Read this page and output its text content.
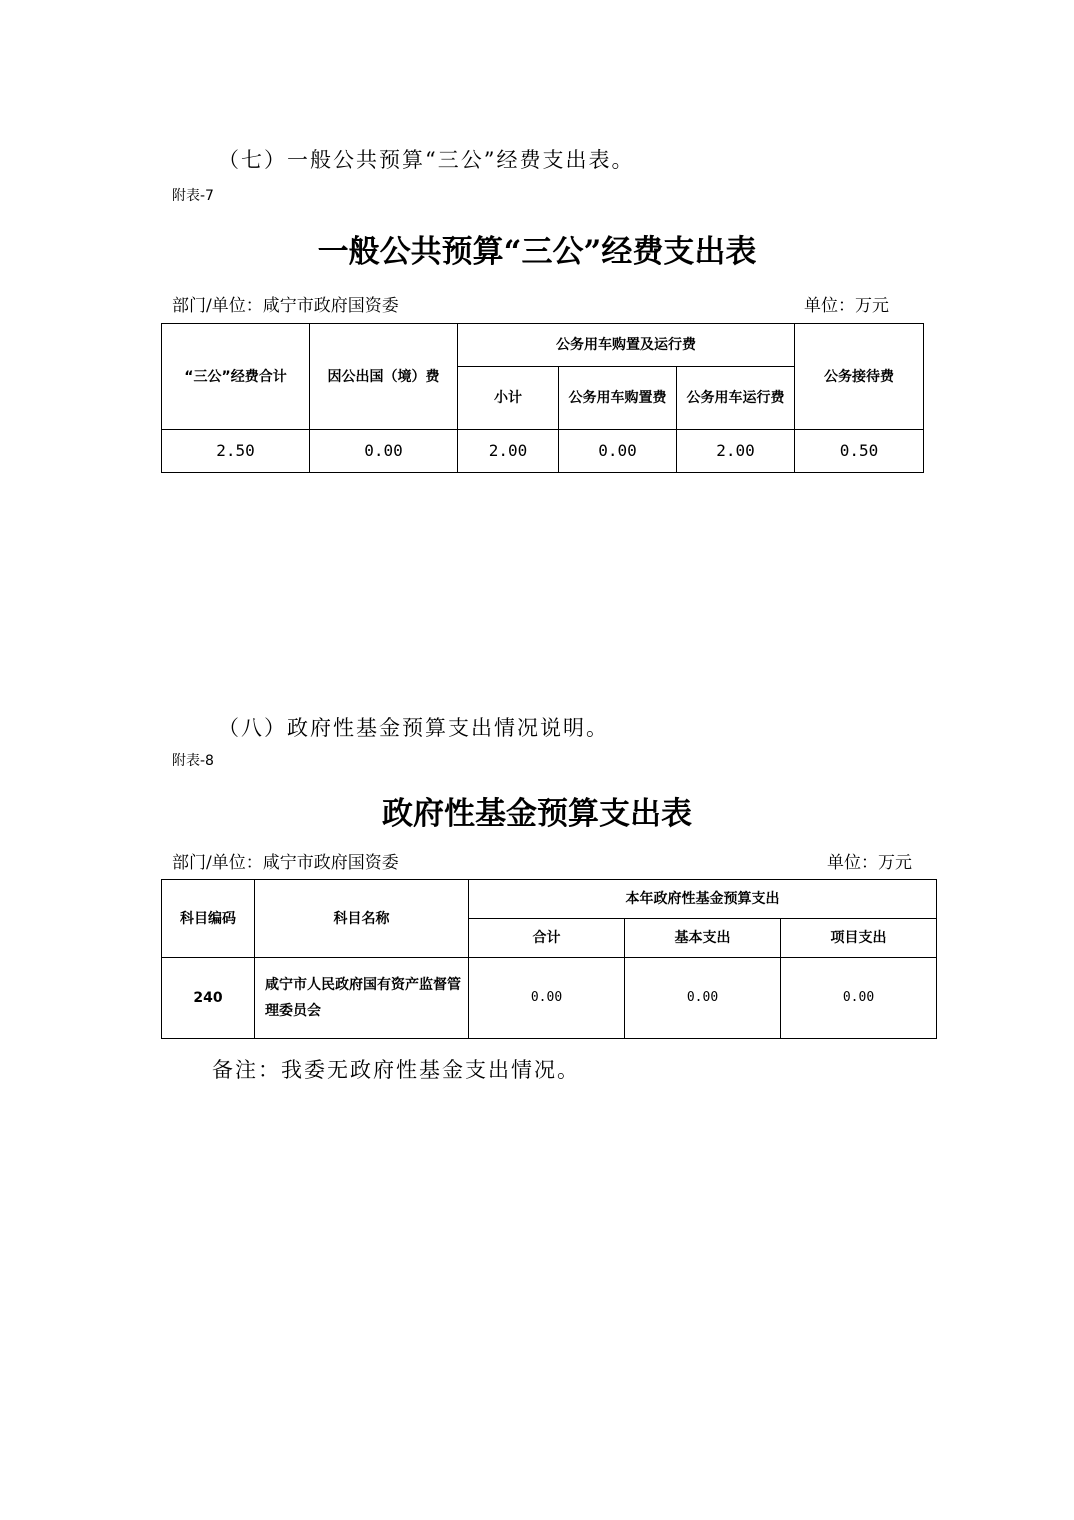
（七）一般公共预算“三公”经费支出表。
附表-7
一般公共预算“三公”经费支出表
部门/单位：咸宁市政府国资委	单位：万元
“三公”经费合计	因公出国（境）费	公务用车购置及运行费			公务接待费
		小计	公务用车购置费	公务用车运行费	
2.50	0.00	2.00	0.00	2.00	0.50
（八）政府性基金预算支出情况说明。
附表-8
政府性基金预算支出表
部门/单位：咸宁市政府国资委	单位：万元
科目编码	科目名称	本年政府性基金预算支出		
		合计	基本支出	项目支出
240	咸宁市人民政府国有资产监督管理委员会	0.00	0.00	0.00
备注：我委无政府性基金支出情况。
